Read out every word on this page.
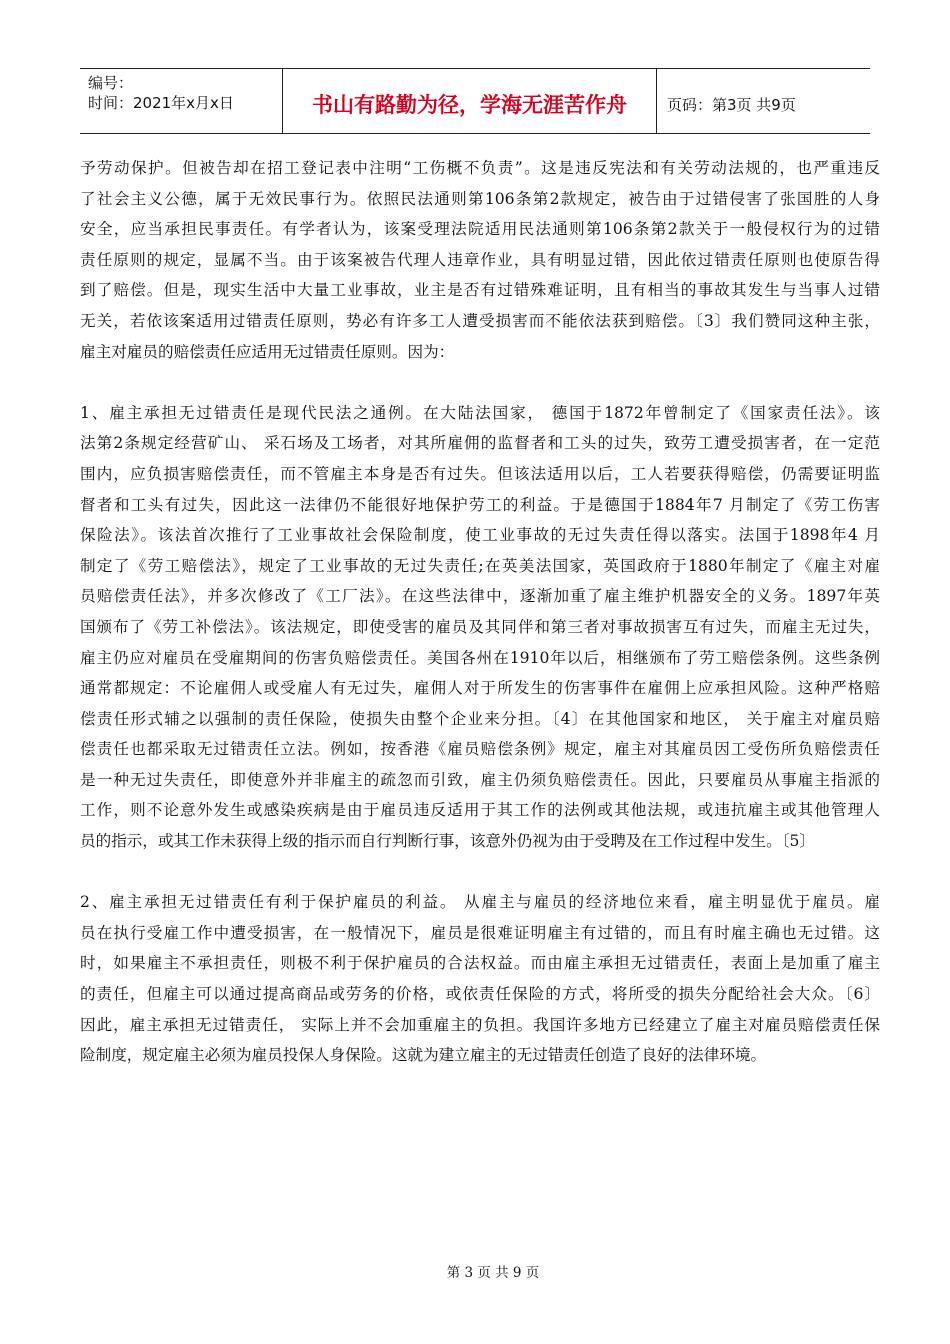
编号：
时间：2021年x月x日	书山有路勤为径，学海无涯苦作舟	页码：第3页 共9页
予劳动保护。但被告却在招工登记表中注明“工伤概不负责”。这是违反宪法和有关劳动法规的，也严重违反
了社会主义公德，属于无效民事行为。依照民法通则第106条第2款规定，被告由于过错侵害了张国胜的人身
安全，应当承担民事责任。有学者认为，该案受理法院适用民法通则第106条第2款关于一般侵权行为的过错
责任原则的规定，显属不当。由于该案被告代理人违章作业，具有明显过错，因此依过错责任原则也使原告得
到了赔偿。但是，现实生活中大量工业事故，业主是否有过错殊难证明，且有相当的事故其发生与当事人过错
无关，若依该案适用过错责任原则，势必有许多工人遭受损害而不能依法获到赔偿。〔3〕我们赞同这种主张，
雇主对雇员的赔偿责任应适用无过错责任原则。因为：
1、雇主承担无过错责任是现代民法之通例。在大陆法国家， 德国于1872年曾制定了《国家责任法》。该
法第2条规定经营矿山、 采石场及工场者，对其所雇佣的监督者和工头的过失，致劳工遭受损害者，在一定范
围内，应负损害赔偿责任，而不管雇主本身是否有过失。但该法适用以后，工人若要获得赔偿，仍需要证明监
督者和工头有过失，因此这一法律仍不能很好地保护劳工的利益。于是德国于1884年7 月制定了《劳工伤害
保险法》。该法首次推行了工业事故社会保险制度，使工业事故的无过失责任得以落实。法国于1898年4 月
制定了《劳工赔偿法》，规定了工业事故的无过失责任;在英美法国家，英国政府于1880年制定了《雇主对雇
员赔偿责任法》，并多次修改了《工厂法》。在这些法律中，逐渐加重了雇主维护机器安全的义务。1897年英
国颁布了《劳工补偿法》。该法规定，即使受害的雇员及其同伴和第三者对事故损害互有过失，而雇主无过失，
雇主仍应对雇员在受雇期间的伤害负赔偿责任。美国各州在1910年以后，相继颁布了劳工赔偿条例。这些条例
通常都规定：不论雇佣人或受雇人有无过失，雇佣人对于所发生的伤害事件在雇佣上应承担风险。这种严格赔
偿责任形式辅之以强制的责任保险，使损失由整个企业来分担。〔4〕在其他国家和地区， 关于雇主对雇员赔
偿责任也都采取无过错责任立法。例如，按香港《雇员赔偿条例》规定，雇主对其雇员因工受伤所负赔偿责任
是一种无过失责任，即使意外并非雇主的疏忽而引致，雇主仍须负赔偿责任。因此，只要雇员从事雇主指派的
工作，则不论意外发生或感染疾病是由于雇员违反适用于其工作的法例或其他法规，或违抗雇主或其他管理人
员的指示，或其工作未获得上级的指示而自行判断行事，该意外仍视为由于受聘及在工作过程中发生。〔5〕
2、雇主承担无过错责任有利于保护雇员的利益。 从雇主与雇员的经济地位来看，雇主明显优于雇员。雇
员在执行受雇工作中遭受损害，在一般情况下，雇员是很难证明雇主有过错的，而且有时雇主确也无过错。这
时，如果雇主不承担责任，则极不利于保护雇员的合法权益。而由雇主承担无过错责任，表面上是加重了雇主
的责任，但雇主可以通过提高商品或劳务的价格，或依责任保险的方式，将所受的损失分配给社会大众。〔6〕
因此，雇主承担无过错责任， 实际上并不会加重雇主的负担。我国许多地方已经建立了雇主对雇员赔偿责任保
险制度，规定雇主必须为雇员投保人身保险。这就为建立雇主的无过错责任创造了良好的法律环境。
第 3 页 共 9 页
